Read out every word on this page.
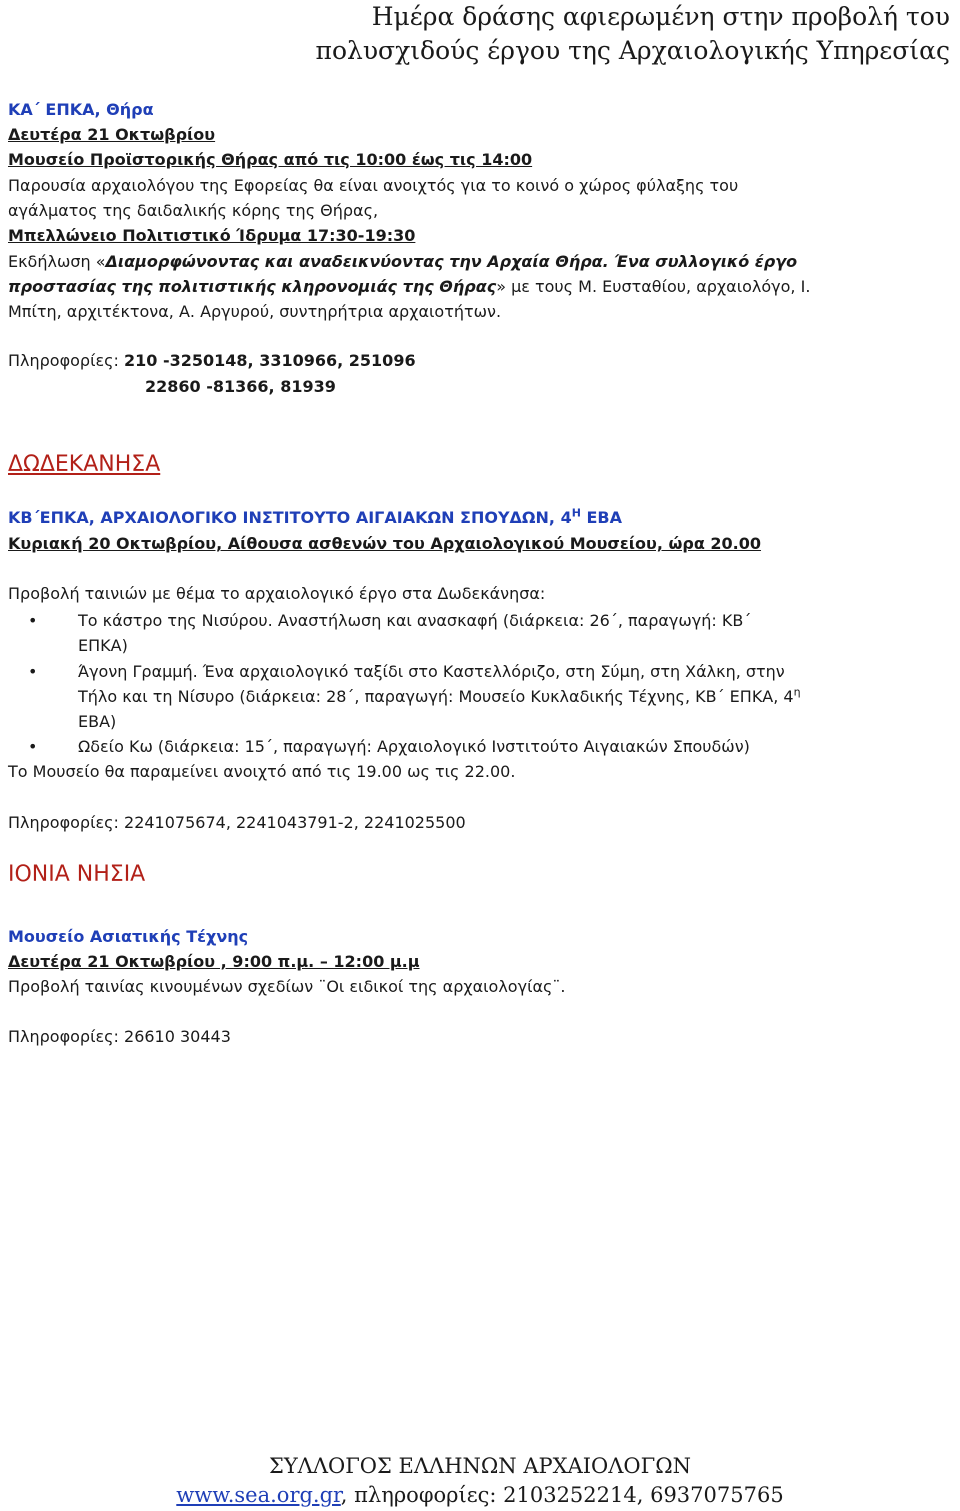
Ημέρα δράσης αφιερωμένη στην προβολή του
πολυσχιδούς έργου της Αρχαιολογικής Υπηρεσίας
ΚΑ΄ ΕΠΚΑ, Θήρα
Δευτέρα 21 Οκτωβρίου
Μουσείο Προϊστορικής Θήρας από τις 10:00 έως τις 14:00
Παρουσία αρχαιολόγου της Εφορείας θα είναι ανοιχτός για το κοινό ο χώρος φύλαξης του
αγάλματος της δαιδαλικής κόρης της Θήρας,
Μπελλώνειο Πολιτιστικό Ίδρυμα 17:30-19:30
Εκδήλωση «Διαμορφώνοντας και αναδεικνύοντας την Αρχαία Θήρα. Ένα συλλογικό έργο
προστασίας της πολιτιστικής κληρονομιάς της Θήρας» με τους Μ. Ευσταθίου, αρχαιολόγο, Ι.
Μπίτη, αρχιτέκτονα, Α. Αργυρού, συντηρήτρια αρχαιοτήτων.
Πληροφορίες: 210 -3250148, 3310966, 251096
22860 -81366, 81939
ΔΩΔΕΚΑΝΗΣΑ
ΚΒ΄ΕΠΚΑ, ΑΡΧΑΙΟΛΟΓΙΚΟ ΙΝΣΤΙΤΟΥΤΟ ΑΙΓΑΙΑΚΩΝ ΣΠΟΥΔΩΝ, $4^H$ ΕΒΑ
Κυριακή 20 Οκτωβρίου, Αίθουσα ασθενών του Αρχαιολογικού Μουσείου, ώρα 20.00
Προβολή ταινιών με θέμα το αρχαιολογικό έργο στα Δωδεκάνησα:
•	Το κάστρο της Νισύρου. Αναστήλωση και ανασκαφή (διάρκεια: 26΄, παραγωγή: ΚΒ΄
ΕΠΚΑ)
•	Άγονη Γραμμή. Ένα αρχαιολογικό ταξίδι στο Καστελλόριζο, στη Σύμη, στη Χάλκη, στην
Τήλο και τη Νίσυρο (διάρκεια: 28΄, παραγωγή: Μουσείο Κυκλαδικής Τέχνης, ΚΒ΄ ΕΠΚΑ, $4^\eta$
ΕΒΑ)
•	Ωδείο Κω (διάρκεια: 15΄, παραγωγή: Αρχαιολογικό Ινστιτούτο Αιγαιακών Σπουδών)
Το Μουσείο θα παραμείνει ανοιχτό από τις 19.00 ως τις 22.00.
Πληροφορίες: 2241075674, 2241043791-2, 2241025500
ΙΟΝΙΑ ΝΗΣΙΑ
Μουσείο Ασιατικής Τέχνης
Δευτέρα 21 Οκτωβρίου , 9:00 π.μ. – 12:00 μ.μ
Προβολή ταινίας κινουμένων σχεδίων ¨Οι ειδικοί της αρχαιολογίας¨.
Πληροφορίες: 26610 30443
ΣΥΛΛΟΓΟΣ ΕΛΛΗΝΩΝ ΑΡΧΑΙΟΛΟΓΩΝ
www.sea.org.gr, πληροφορίες: 2103252214, 6937075765
